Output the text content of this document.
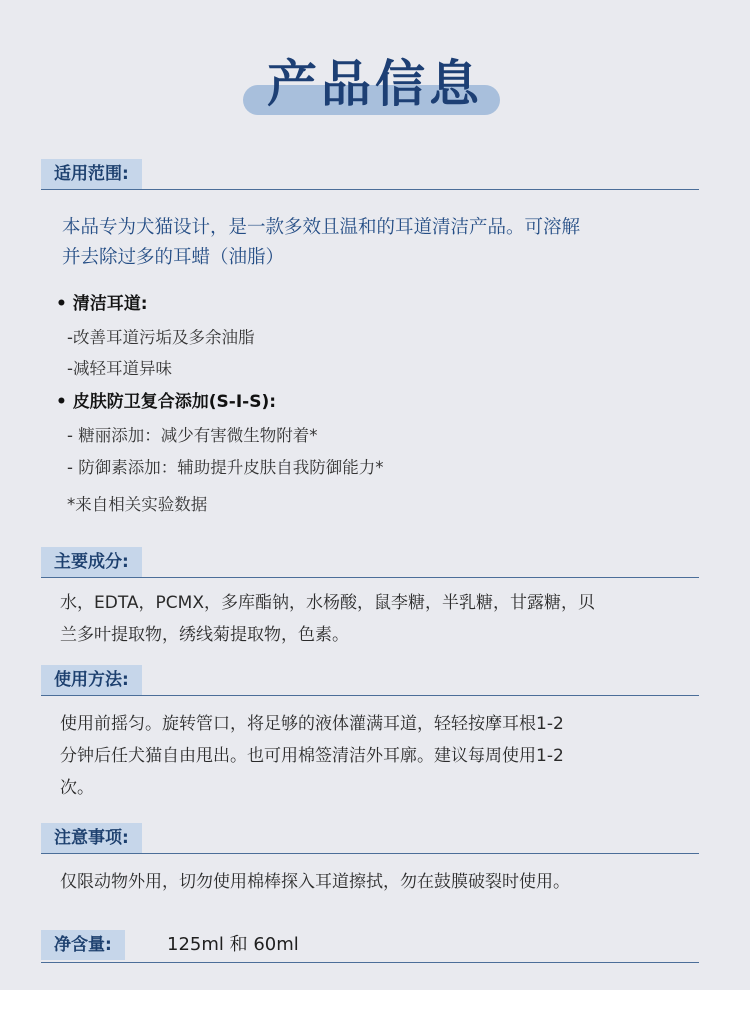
产品信息
适用范围:
本品专为犬猫设计，是一款多效且温和的耳道清洁产品。可溶解
并去除过多的耳蜡（油脂）
• 清洁耳道:
-改善耳道污垢及多余油脂
-减轻耳道异味
• 皮肤防卫复合添加(S-I-S):
- 糖丽添加：减少有害微生物附着*
- 防御素添加：辅助提升皮肤自我防御能力*
*来自相关实验数据
主要成分:
水，EDTA，PCMX，多库酯钠，水杨酸，鼠李糖，半乳糖，甘露糖，贝
兰多叶提取物，绣线菊提取物，色素。
使用方法:
使用前摇匀。旋转管口，将足够的液体灌满耳道，轻轻按摩耳根1-2
分钟后任犬猫自由甩出。也可用棉签清洁外耳廓。建议每周使用1-2
次。
注意事项:
仅限动物外用，切勿使用棉棒探入耳道擦拭，勿在鼓膜破裂时使用。
净含量:	125ml 和 60ml
